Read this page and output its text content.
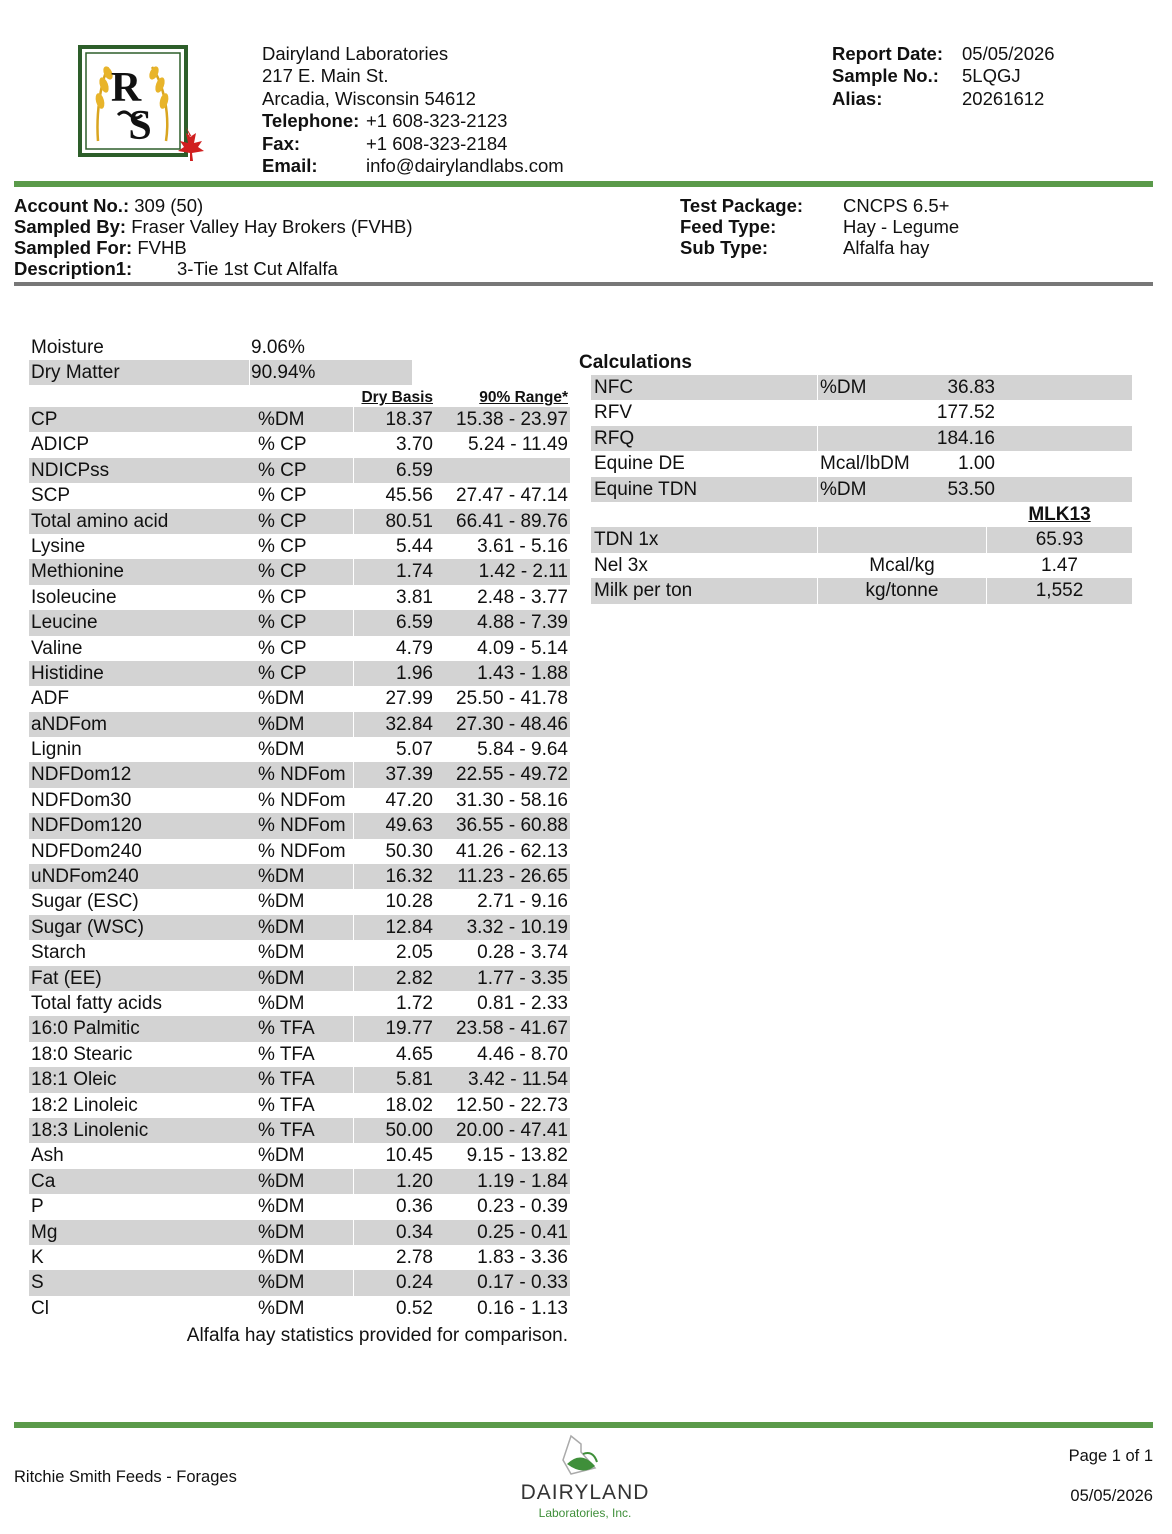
R
S
Dairyland Laboratories
217 E. Main St.
Arcadia, Wisconsin 54612
Telephone: +1 608-323-2123
Fax:	+1 608-323-2184
Email:	info@dairylandlabs.com
Report Date: 05/05/2026
Sample No.: 5LQGJ
Alias:	20261612
Account No.: 309 (50)
Sampled By: Fraser Valley Hay Brokers (FVHB)
Sampled For: FVHB
Description1: 3-Tie 1st Cut Alfalfa
Test Package: CNCPS 6.5+
Feed Type:	Hay - Legume
Sub Type:	Alfalfa hay
Moisture	9.06%
Dry Matter	90.94%
Dry Basis	90% Range*
CP	%DM	18.37 15.38 - 23.97
ADICP	% CP	3.70 5.24 - 11.49
NDICPss	% CP	6.59
SCP	% CP	45.56 27.47 - 47.14
Total amino acid	% CP	80.51 66.41 - 89.76
Lysine	% CP	5.44 3.61 - 5.16
Methionine	% CP	1.74 1.42 - 2.11
Isoleucine	% CP	3.81 2.48 - 3.77
Leucine	% CP	6.59 4.88 - 7.39
Valine	% CP	4.79 4.09 - 5.14
Histidine	% CP	1.96 1.43 - 1.88
ADF	%DM	27.99 25.50 - 41.78
aNDFom	%DM	32.84 27.30 - 48.46
Lignin	%DM	5.07 5.84 - 9.64
NDFDom12	% NDFom 37.39 22.55 - 49.72
NDFDom30	% NDFom 47.20 31.30 - 58.16
NDFDom120	% NDFom 49.63 36.55 - 60.88
NDFDom240	% NDFom 50.30 41.26 - 62.13
uNDFom240	%DM	16.32 11.23 - 26.65
Sugar (ESC)	%DM	10.28 2.71 - 9.16
Sugar (WSC)	%DM	12.84 3.32 - 10.19
Starch	%DM	2.05 0.28 - 3.74
Fat (EE)	%DM	2.82 1.77 - 3.35
Total fatty acids	%DM	1.72 0.81 - 2.33
16:0 Palmitic	% TFA	19.77 23.58 - 41.67
18:0 Stearic	% TFA	4.65 4.46 - 8.70
18:1 Oleic	% TFA	5.81 3.42 - 11.54
18:2 Linoleic	% TFA	18.02 12.50 - 22.73
18:3 Linolenic	% TFA	50.00 20.00 - 47.41
Ash	%DM	10.45 9.15 - 13.82
Ca	%DM	1.20 1.19 - 1.84
P	%DM	0.36 0.23 - 0.39
Mg	%DM	0.34 0.25 - 0.41
K	%DM	2.78 1.83 - 3.36
S	%DM	0.24 0.17 - 0.33
Cl	%DM	0.52 0.16 - 1.13
Alfalfa hay statistics provided for comparison.
Calculations
NFC	%DM	36.83
RFV	177.52
RFQ	184.16
Equine DE	Mcal/lbDM	1.00
Equine TDN	%DM	53.50
MLK13
TDN 1x	65.93
Nel 3x	Mcal/kg	1.47
Milk per ton	kg/tonne	1,552
Ritchie Smith Feeds - Forages
Page 1 of 1
05/05/2026
DAIRYLAND
Laboratories, Inc.
